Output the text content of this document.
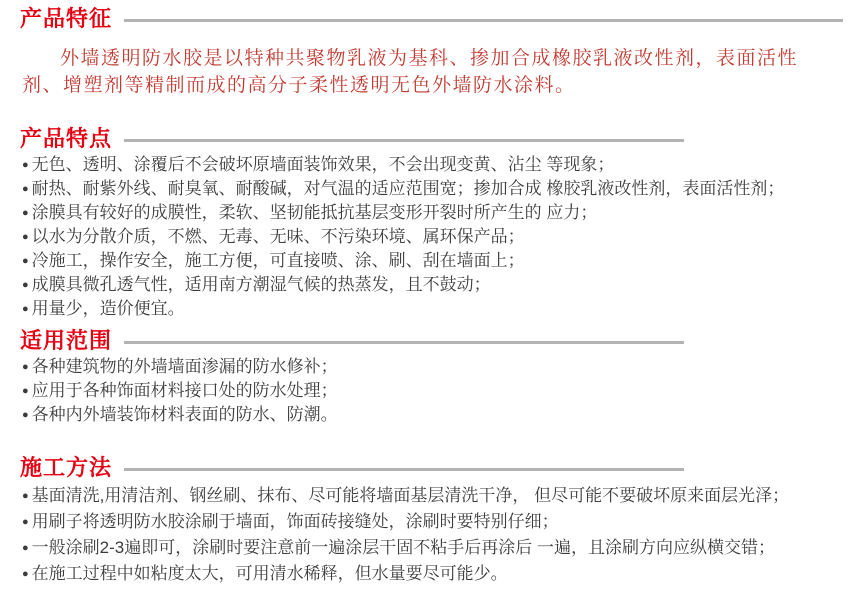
产品特征

外墙透明防水胶是以特种共聚物乳液为基科、掺加合成橡胶乳液改性剂，表面活性剂、增塑剂等精制而成的高分子柔性透明无色外墙防水涂料。

产品特点
● 无色、透明、涂覆后不会破坏原墙面装饰效果，不会出现变黄、沾尘 等现象；
● 耐热、耐紫外线、耐臭氧、耐酸碱，对气温的适应范围宽；掺加合成 橡胶乳液改性剂，表面活性剂；
● 涂膜具有较好的成膜性，柔软、坚韧能抵抗基层变形开裂时所产生的 应力；
● 以水为分散介质，不燃、无毒、无味、不污染环境、属环保产品；
● 冷施工，操作安全，施工方便，可直接喷、涂、刷、刮在墙面上；
● 成膜具微孔透气性，适用南方潮湿气候的热蒸发，且不鼓动；
● 用量少，造价便宜。
适用范围
● 各种建筑物的外墙墙面渗漏的防水修补；
● 应用于各种饰面材料接口处的防水处理；
● 各种内外墙装饰材料表面的防水、防潮。
施工方法
● 基面清洗,用清洁剂、钢丝刷、抹布、尽可能将墙面基层清洗干净， 但尽可能不要破坏原来面层光泽；
● 用刷子将透明防水胶涂刷于墙面，饰面砖接缝处，涂刷时要特别仔细；
● 一般涂刷2-3遍即可，涂刷时要注意前一遍涂层干固不粘手后再涂后 一遍，且涂刷方向应纵横交错；
● 在施工过程中如粘度太大，可用清水稀释，但水量要尽可能少。
